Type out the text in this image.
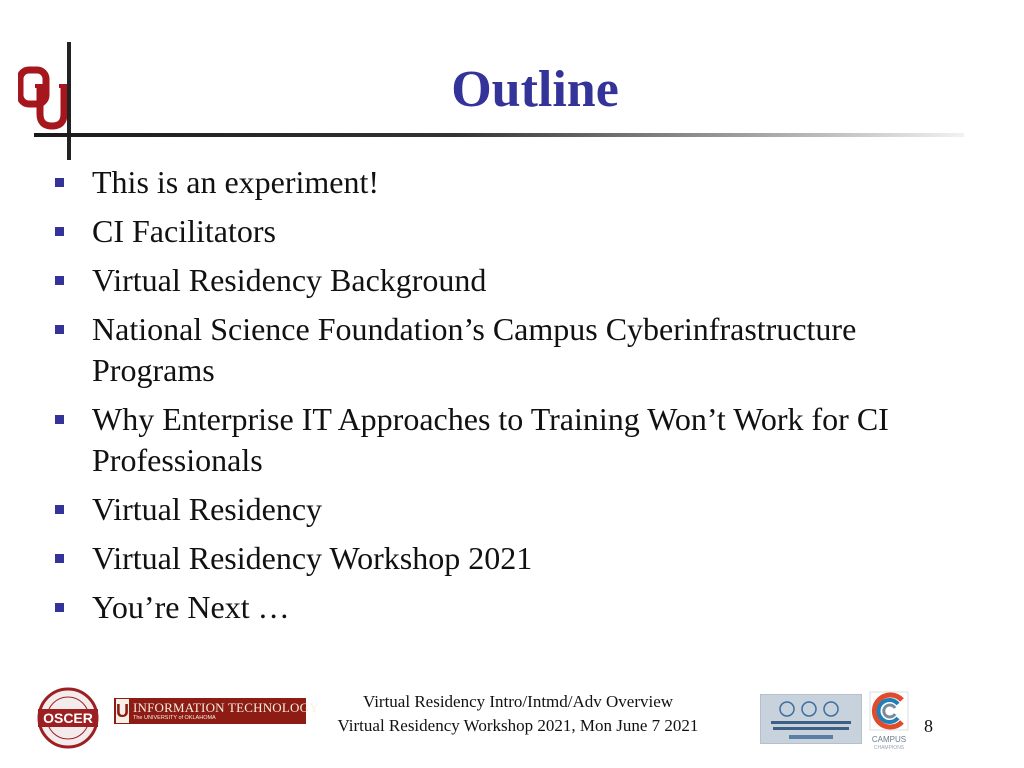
Outline
This is an experiment!
CI Facilitators
Virtual Residency Background
National Science Foundation’s Campus Cyberinfrastructure Programs
Why Enterprise IT Approaches to Training Won’t Work for CI Professionals
Virtual Residency
Virtual Residency Workshop 2021
You’re Next …
OSCER U INFORMATION TECHNOLOGY
The UNIVERSITY of OKLAHOMA
Virtual Residency Intro/Intmd/Adv Overview
Virtual Residency Workshop 2021, Mon June 7 2021
CAMPUS
CHAMPIONS
8
